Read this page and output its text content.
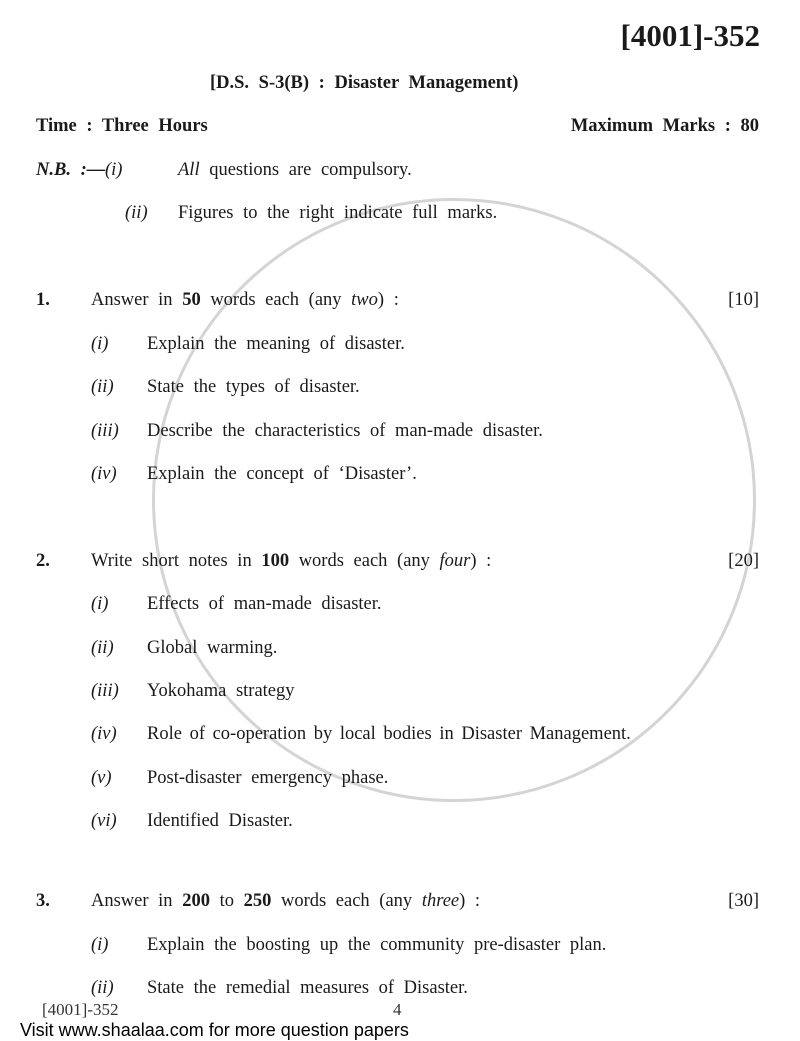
[4001]-352
[D.S. S-3(B) : Disaster Management)
Time : Three Hours	Maximum Marks : 80
N.B. :— (i)	All questions are compulsory.
(ii) Figures to the right indicate full marks.
1. Answer in 50 words each (any two) :	[10]
(i) Explain the meaning of disaster.
(ii) State the types of disaster.
(iii) Describe the characteristics of man-made disaster.
(iv) Explain the concept of ‘Disaster’.
2. Write short notes in 100 words each (any four) :	[20]
(i) Effects of man-made disaster.
(ii) Global warming.
(iii) Yokohama strategy
(iv) Role of co-operation by local bodies in Disaster Management.
(v) Post-disaster emergency phase.
(vi) Identified Disaster.
3. Answer in 200 to 250 words each (any three) :	[30]
(i) Explain the boosting up the community pre-disaster plan.
(ii) State the remedial measures of Disaster.
[4001]-352	4
Visit www.shaalaa.com for more question papers
